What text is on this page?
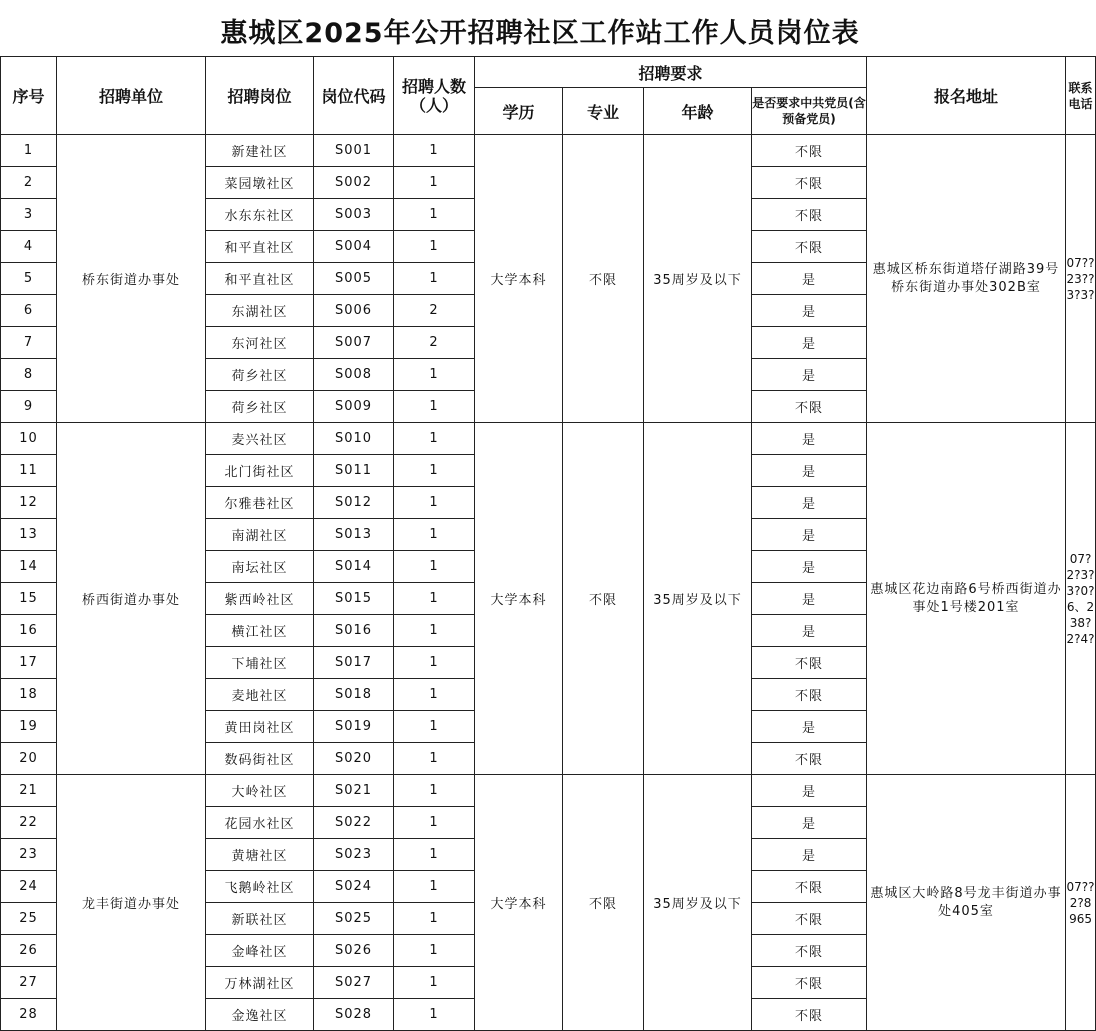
惠城区2025年公开招聘社区工作站工作人员岗位表
序号	招聘单位	招聘岗位	岗位代码	招聘人数（人）	招聘要求				报名地址	联系电话
					学历	专业	年龄	是否要求中共党员(含预备党员)		
1	桥东街道办事处	新建社区	S001	1	大学本科	不限	35周岁及以下	不限	惠城区桥东街道塔仔湖路39号桥东街道办事处302B室	07??23??3?3?
2		菜园墩社区	S002	1				不限		
3		水东东社区	S003	1				不限		
4		和平直社区	S004	1				不限		
5		和平直社区	S005	1				是		
6		东湖社区	S006	2				是		
7		东河社区	S007	2				是		
8		荷乡社区	S008	1				是		
9		荷乡社区	S009	1				不限		
10	桥西街道办事处	麦兴社区	S010	1	大学本科	不限	35周岁及以下	是	惠城区花边南路6号桥西街道办事处1号楼201室	07?2?3?3?0?6、238?2?4?
11		北门街社区	S011	1				是		
12		尔雅巷社区	S012	1				是		
13		南湖社区	S013	1				是		
14		南坛社区	S014	1				是		
15		紫西岭社区	S015	1				是		
16		横江社区	S016	1				是		
17		下埔社区	S017	1				不限		
18		麦地社区	S018	1				不限		
19		黄田岗社区	S019	1				是		
20		数码街社区	S020	1				不限		
21	龙丰街道办事处	大岭社区	S021	1	大学本科	不限	35周岁及以下	是	惠城区大岭路8号龙丰街道办事处405室	07??2?8965
22		花园水社区	S022	1				是		
23		黄塘社区	S023	1				是		
24		飞鹅岭社区	S024	1				不限		
25		新联社区	S025	1				不限		
26		金峰社区	S026	1				不限		
27		万林湖社区	S027	1				不限		
28		金逸社区	S028	1				不限		
